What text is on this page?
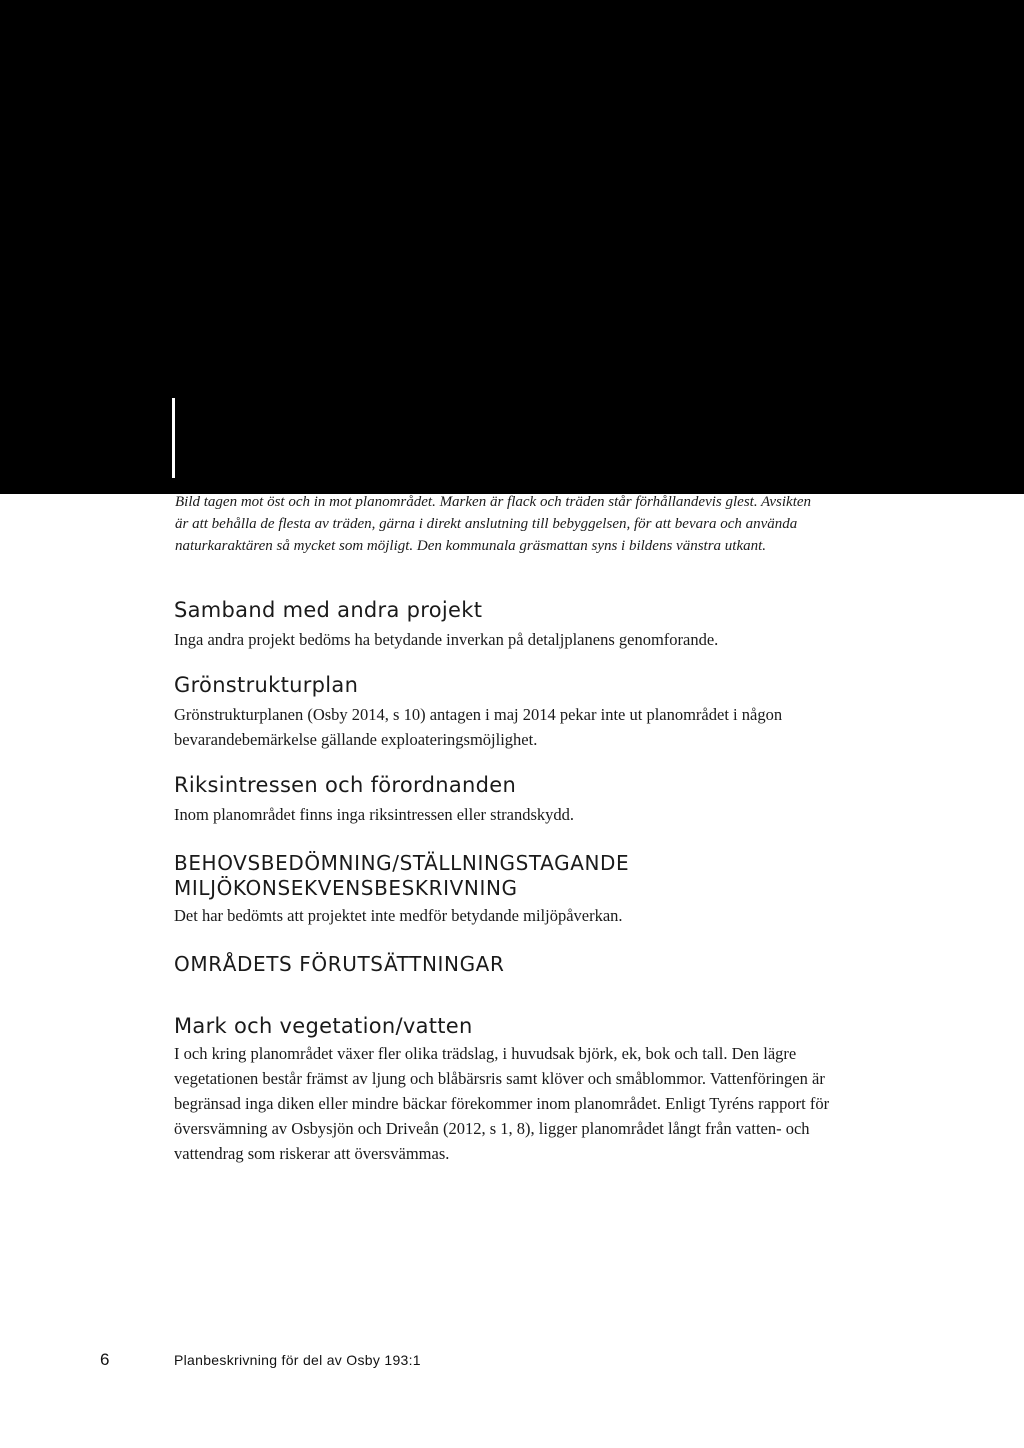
Bild tagen mot öst och in mot planområdet. Marken är flack och träden står förhållandevis glest. Avsikten är att behålla de flesta av träden, gärna i direkt anslutning till bebyggelsen, för att bevara och använda naturkaraktären så mycket som möjligt. Den kommunala gräsmattan syns i bildens vänstra utkant.

Samband med andra projekt

Inga andra projekt bedöms ha betydande inverkan på detaljplanens genomforande.

Grönstrukturplan

Grönstrukturplanen (Osby 2014, s 10) antagen i maj 2014 pekar inte ut planområdet i någon bevarandebemärkelse gällande exploateringsmöjlighet.

Riksintressen och förordnanden

Inom planområdet finns inga riksintressen eller strandskydd.

BEHOVSBEDÖMNING/STÄLLNINGSTAGANDE
MILJÖKONSEKVENSBESKRIVNING

Det har bedömts att projektet inte medför betydande miljöpåverkan.

OMRÅDETS FÖRUTSÄTTNINGAR
Mark och vegetation/vatten

I och kring planområdet växer fler olika trädslag, i huvudsak björk, ek, bok och tall. Den lägre vegetationen består främst av ljung och blåbärsris samt klöver och småblommor. Vattenföringen är begränsad inga diken eller mindre bäckar förekommer inom planområdet. Enligt Tyréns rapport för översvämning av Osbysjön och Driveån (2012, s 1, 8), ligger planområdet långt från vatten- och vattendrag som riskerar att översvämmas.

6	Planbeskrivning för del av Osby 193:1
